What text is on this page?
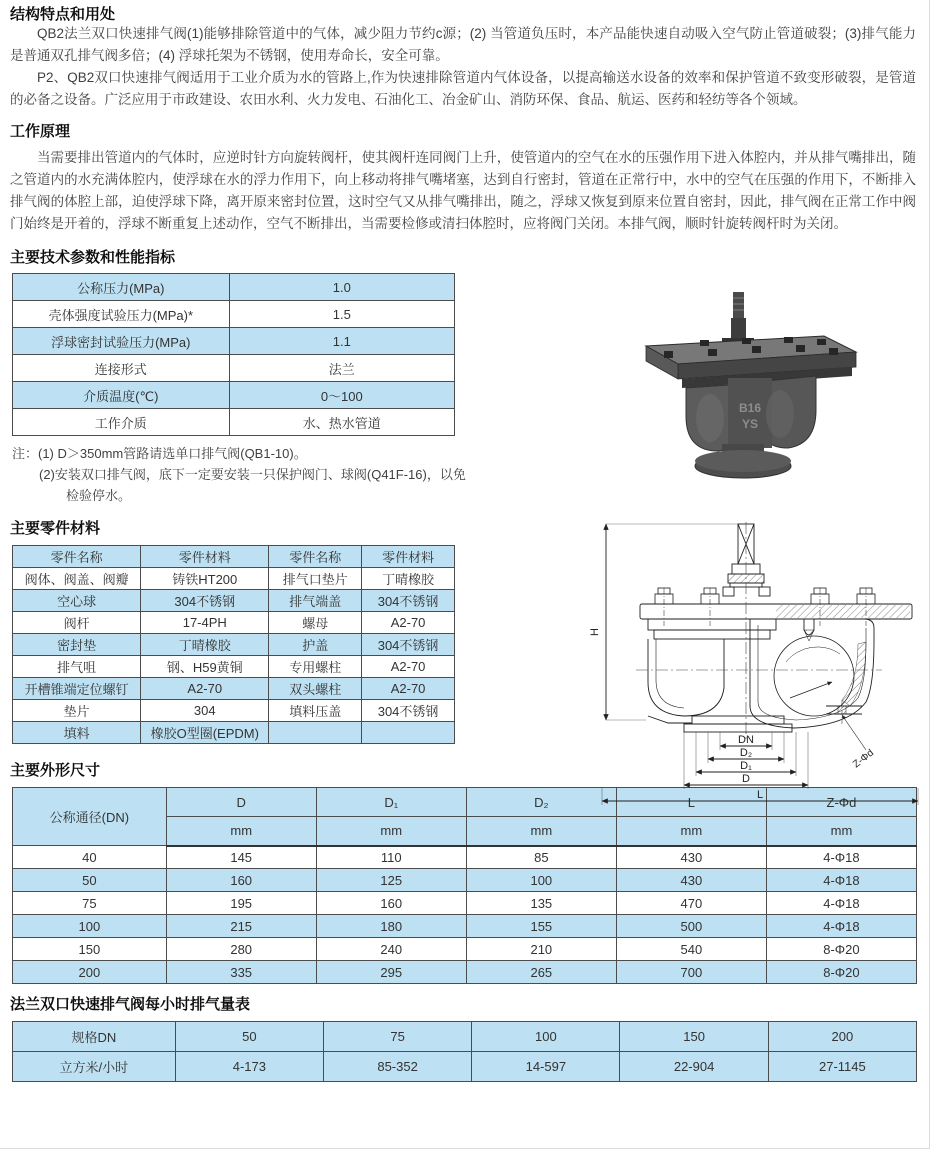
结构特点和用处

QB2法兰双口快速排气阀(1)能够排除管道中的气体，减少阻力节约c源；(2) 当管道负压时，本产品能快速自动吸入空气防止管道破裂；(3)排气能力是普通双孔排气阀多倍；(4) 浮球托架为不锈钢，使用寿命长，安全可靠。

P2、QB2双口快速排气阀适用于工业介质为水的管路上,作为快速排除管道内气体设备，以提高输送水设备的效率和保护管道不致变形破裂，是管道的必备之设备。广泛应用于市政建设、农田水利、火力发电、石油化工、冶金矿山、消防环保、食品、航运、医药和轻纺等各个领域。

工作原理

当需要排出管道内的气体时，应逆时针方向旋转阀杆，使其阀杆连同阀门上升，使管道内的空气在水的压强作用下进入体腔内，并从排气嘴排出，随之管道内的水充满体腔内，使浮球在水的浮力作用下，向上移动将排气嘴堵塞，达到自行密封，管道在正常行中，水中的空气在压强的作用下，不断排入排气阀的体腔上部，迫使浮球下降，离开原来密封位置，这时空气又从排气嘴排出，随之，浮球又恢复到原来位置自密封，因此，排气阀在正常工作中阀门始终是开着的，浮球不断重复上述动作，空气不断排出，当需要检修或清扫体腔时，应将阀门关闭。本排气阀，顺时针旋转阀杆时为关闭。

主要技术参数和性能指标
公称压力(MPa)	1.0
壳体强度试验压力(MPa)*	1.5
浮球密封试验压力(MPa)	1.1
连接形式	法兰
介质温度(℃)	0～100
工作介质	水、热水管道

注：(1) D＞350mm管路请选单口排气阀(QB1-10)。

(2)安装双口排气阀，底下一定要安装一只保护阀门、球阀(Q41F-16)，以免

检验停水。

主要零件材料
零件名称	零件材料	零件名称	零件材料
阀体、阀盖、阀瓣	铸铁HT200	排气口垫片	丁晴橡胶
空心球	304不锈钢	排气端盖	304不锈钢
阀杆	17-4PH	螺母	A2-70
密封垫	丁晴橡胶	护盖	304不锈钢
排气咀	钢、H59黄铜	专用螺柱	A2-70
开槽锥端定位螺钉	A2-70	双头螺柱	A2-70
垫片	304	填料压盖	304不锈钢
填料	橡胶O型圈(EPDM)		
主要外形尺寸
公称通径(DN)	D	D₁	D₂	L	Z-Φd
	mm	mm	mm	mm	mm
40	145	110	85	430	4-Φ18
50	160	125	100	430	4-Φ18
75	195	160	135	470	4-Φ18
100	215	180	155	500	4-Φ18
150	280	240	210	540	8-Φ20
200	335	295	265	700	8-Φ20
法兰双口快速排气阀每小时排气量表
规格DN	50	75	100	150	200
立方米/小时	4-173	85-352	14-597	22-904	27-1145
B16
YS
H
DN
D₂
D₁
D
L
Z-Φd
